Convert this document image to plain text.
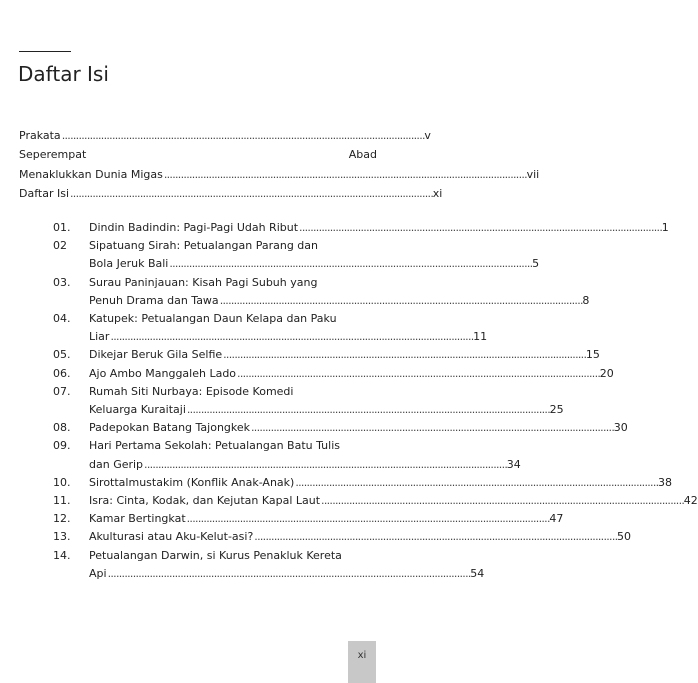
Daftar Isi
Prakata . . .	v
Seperempat	Abad
Menaklukkan Dunia Migas . . .	vii
Daftar Isi . . .	xi
01.	Dindin Badindin: Pagi-Pagi Udah Ribut . . .	1
02	Sipatuang Sirah: Petualangan Parang dan
Bola Jeruk Bali . . .	5
03.	Surau Paninjauan: Kisah Pagi Subuh yang
Penuh Drama dan Tawa . . .	8
04.	Katupek: Petualangan Daun Kelapa dan Paku
Liar . . .	11
05.	Dikejar Beruk Gila Selfie . . .	15
06.	Ajo Ambo Manggaleh Lado . . .	20
07.	Rumah Siti Nurbaya: Episode Komedi
Keluarga Kuraitaji . . .	25
08.	Padepokan Batang Tajongkek . . .	30
09.	Hari Pertama Sekolah: Petualangan Batu Tulis
dan Gerip . . .	34
10.	Sirottalmustakim (Konflik Anak-Anak) . . .	38
11.	Isra: Cinta, Kodak, dan Kejutan Kapal Laut . . .	42
12.	Kamar Bertingkat . . .	47
13.	Akulturasi atau Aku-Kelut-asi? . . .	50
14.	Petualangan Darwin, si Kurus Penakluk Kereta
Api . . .	54
xi
